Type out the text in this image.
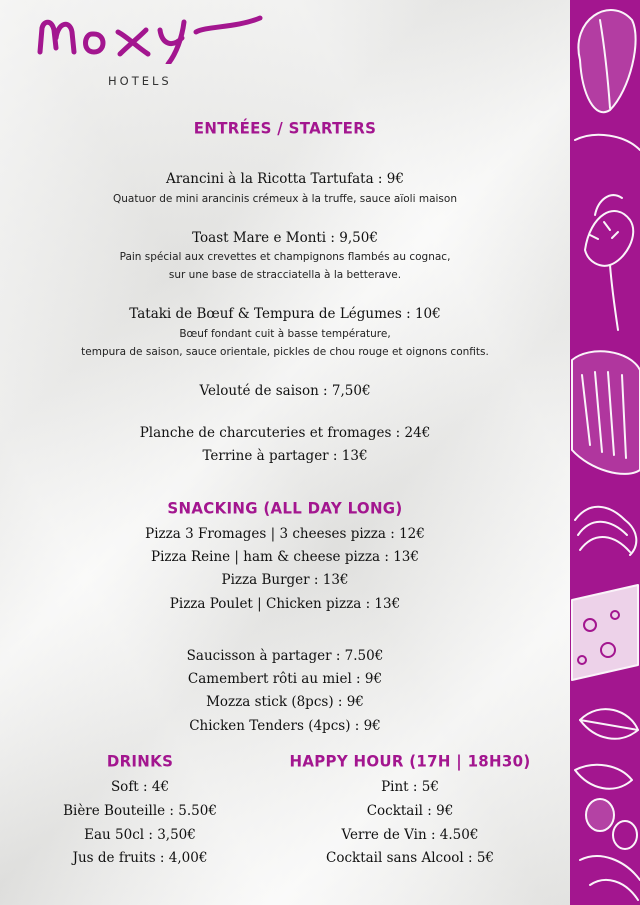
HOTELS
ENTRÉES / STARTERS
Arancini à la Ricotta Tartufata : 9€
Quatuor de mini arancinis crémeux à la truffe, sauce aïoli maison
Toast Mare e Monti : 9,50€
Pain spécial aux crevettes et champignons flambés au cognac,
sur une base de stracciatella à la betterave.
Tataki de Bœuf & Tempura de Légumes : 10€
Bœuf fondant cuit à basse température,
tempura de saison, sauce orientale, pickles de chou rouge et oignons confits.
Velouté de saison : 7,50€
Planche de charcuteries et fromages : 24€
Terrine à partager : 13€
SNACKING (ALL DAY LONG)
Pizza 3 Fromages | 3 cheeses pizza : 12€
Pizza Reine | ham & cheese pizza : 13€
Pizza Burger : 13€
Pizza Poulet | Chicken pizza : 13€
Saucisson à partager : 7.50€
Camembert rôti au miel : 9€
Mozza stick (8pcs) : 9€
Chicken Tenders (4pcs) : 9€
DRINKS
Soft : 4€
Bière Bouteille : 5.50€
Eau 50cl : 3,50€
Jus de fruits : 4,00€
HAPPY HOUR (17H | 18H30)
Pint : 5€
Cocktail : 9€
Verre de Vin : 4.50€
Cocktail sans Alcool : 5€
